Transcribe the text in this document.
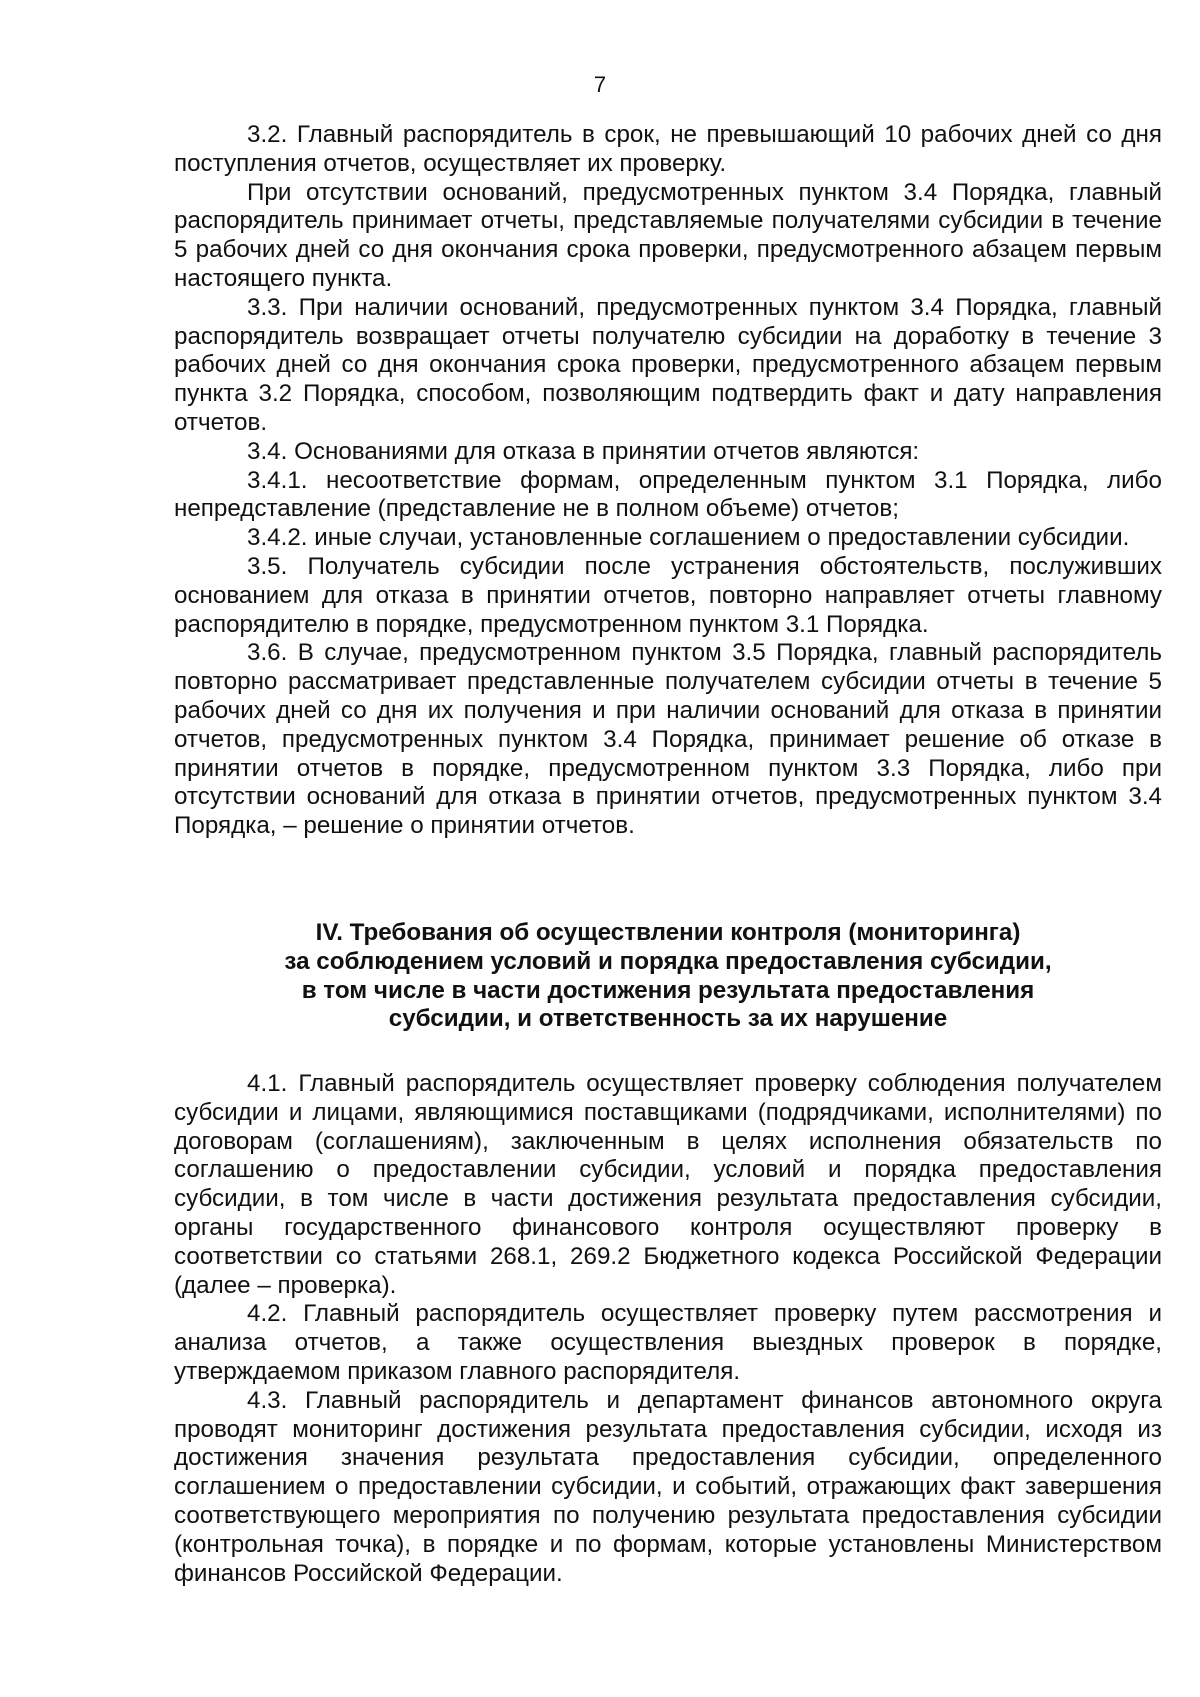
7

3.2. Главный распорядитель в срок, не превышающий 10 рабочих дней со дня поступления отчетов, осуществляет их проверку.

При отсутствии оснований, предусмотренных пунктом 3.4 Порядка, главный распорядитель принимает отчеты, представляемые получателями субсидии в течение 5 рабочих дней со дня окончания срока проверки, предусмотренного абзацем первым настоящего пункта.

3.3. При наличии оснований, предусмотренных пунктом 3.4 Порядка, главный распорядитель возвращает отчеты получателю субсидии на доработку в течение 3 рабочих дней со дня окончания срока проверки, предусмотренного абзацем первым пункта 3.2 Порядка, способом, позволяющим подтвердить факт и дату направления отчетов.

3.4. Основаниями для отказа в принятии отчетов являются:

3.4.1. несоответствие формам, определенным пунктом 3.1 Порядка, либо непредставление (представление не в полном объеме) отчетов;

3.4.2. иные случаи, установленные соглашением о предоставлении субсидии.

3.5. Получатель субсидии после устранения обстоятельств, послуживших основанием для отказа в принятии отчетов, повторно направляет отчеты главному распорядителю в порядке, предусмотренном пунктом 3.1 Порядка.

3.6. В случае, предусмотренном пунктом 3.5 Порядка, главный распорядитель повторно рассматривает представленные получателем субсидии отчеты в течение 5 рабочих дней со дня их получения и при наличии оснований для отказа в принятии отчетов, предусмотренных пунктом 3.4 Порядка, принимает решение об отказе в принятии отчетов в порядке, предусмотренном пунктом 3.3 Порядка, либо при отсутствии оснований для отказа в принятии отчетов, предусмотренных пунктом 3.4 Порядка, – решение о принятии отчетов.

IV. Требования об осуществлении контроля (мониторинга)
за соблюдением условий и порядка предоставления субсидии,
в том числе в части достижения результата предоставления
субсидии, и ответственность за их нарушение

4.1. Главный распорядитель осуществляет проверку соблюдения получателем субсидии и лицами, являющимися поставщиками (подрядчиками, исполнителями) по договорам (соглашениям), заключенным в целях исполнения обязательств по соглашению о предоставлении субсидии, условий и порядка предоставления субсидии, в том числе в части достижения результата предоставления субсидии, органы государственного финансового контроля осуществляют проверку в соответствии со статьями 268.1, 269.2 Бюджетного кодекса Российской Федерации (далее – проверка).

4.2. Главный распорядитель осуществляет проверку путем рассмотрения и анализа отчетов, а также осуществления выездных проверок в порядке, утверждаемом приказом главного распорядителя.

4.3. Главный распорядитель и департамент финансов автономного округа проводят мониторинг достижения результата предоставления субсидии, исходя из достижения значения результата предоставления субсидии, определенного соглашением о предоставлении субсидии, и событий, отражающих факт завершения соответствующего мероприятия по получению результата предоставления субсидии (контрольная точка), в порядке и по формам, которые установлены Министерством финансов Российской Федерации.
